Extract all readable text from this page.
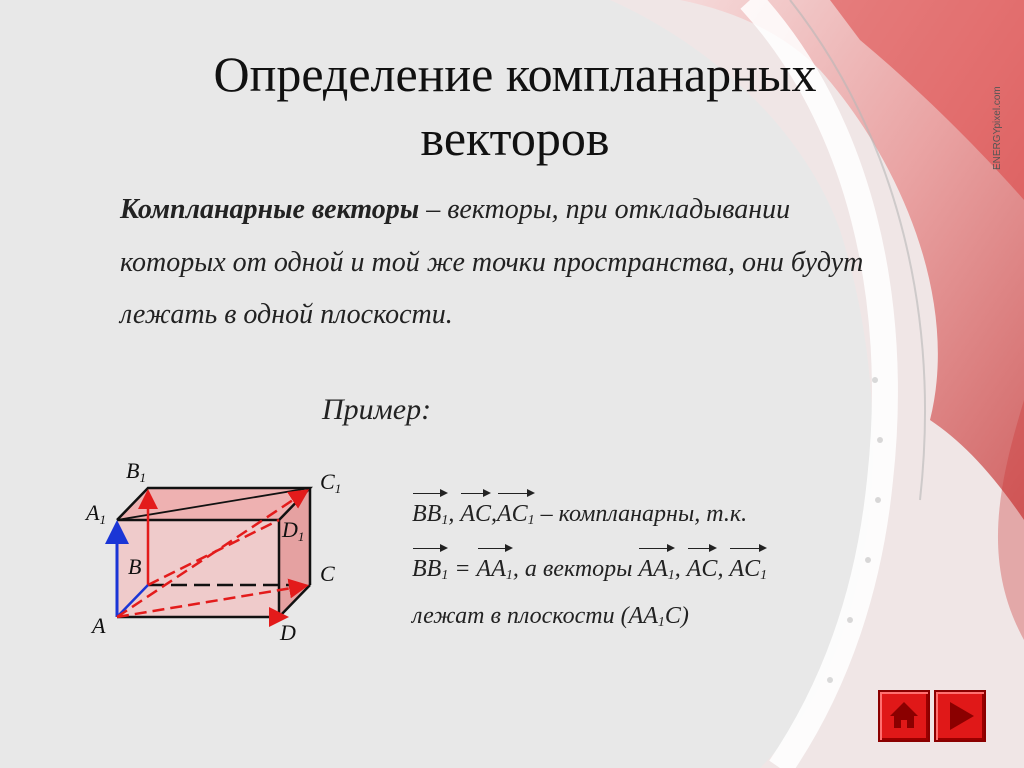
ENERGYpixel.com
Определение компланарных векторов
Компланарные векторы – векторы, при откладывании которых от одной и той же точки пространства, они будут лежать в одной плоскости.
Пример:
A
A1
B
B1
C
C1
D
D1
$BB_1$, $AC,AC_1$ – компланарны, т.к.
$BB_1 = AA_1$, а векторы $AA_1$, AC, $AC_1$
лежат в плоскости $(AA_1C)$
